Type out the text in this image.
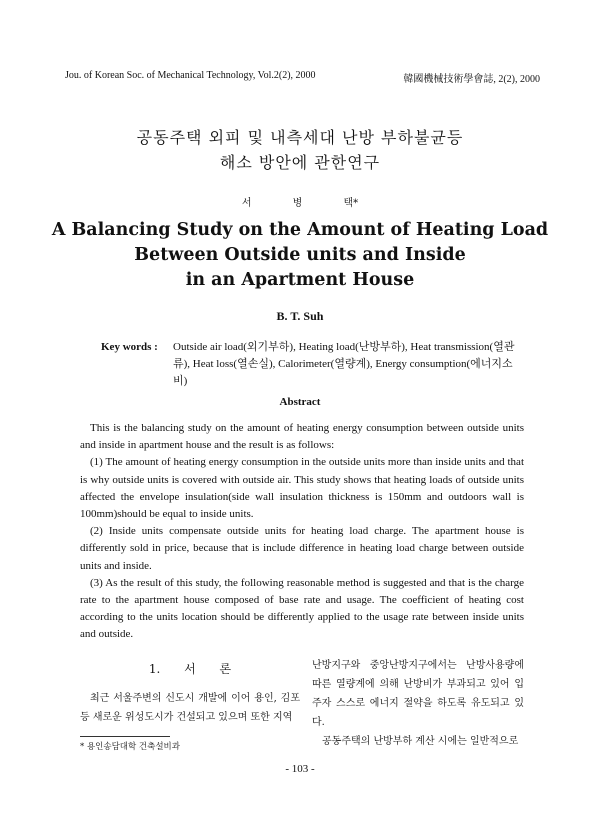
Jou. of Korean Soc. of Mechanical Technology, Vol.2(2), 2000	韓國機械技術學會誌, 2(2), 2000
공동주택 외피 및 내측세대 난방 부하불균등
해소 방안에 관한연구
서 병 택*
A Balancing Study on the Amount of Heating Load
Between Outside units and Inside
in an Apartment House
B. T. Suh
Key words : Outside air load(외기부하), Heating load(난방부하), Heat transmission(열관류), Heat loss(열손실), Calorimeter(열량계), Energy consumption(에너지소비)
Abstract

This is the balancing study on the amount of heating energy consumption between outside units and inside in apartment house and the result is as follows:

(1) The amount of heating energy consumption in the outside units more than inside units and that is why outside units is covered with outside air. This study shows that heating loads of outside units affected the envelope insulation(side wall insulation thickness is 150mm and outdoors wall is 100mm)should be equal to inside units.

(2) Inside units compensate outside units for heating load charge. The apartment house is differently sold in price, because that is include difference in heating load charge between outside units and inside.

(3) As the result of this study, the following reasonable method is suggested and that is the charge rate to the apartment house composed of base rate and usage. The coefficient of heating cost according to the units location should be differently applied to the usage rate between inside units and outside.

1. 서 론

최근 서울주변의 신도시 개발에 이어 용인, 김포 등 새로운 위성도시가 건설되고 있으며 또한 지역

난방지구와 중앙난방지구에서는 난방사용량에 따른 열량계에 의해 난방비가 부과되고 있어 입주자 스스로 에너지 절약을 하도록 유도되고 있다.

공동주택의 난방부하 계산 시에는 일반적으로

* 용인송담대학 건축설비과
- 103 -
